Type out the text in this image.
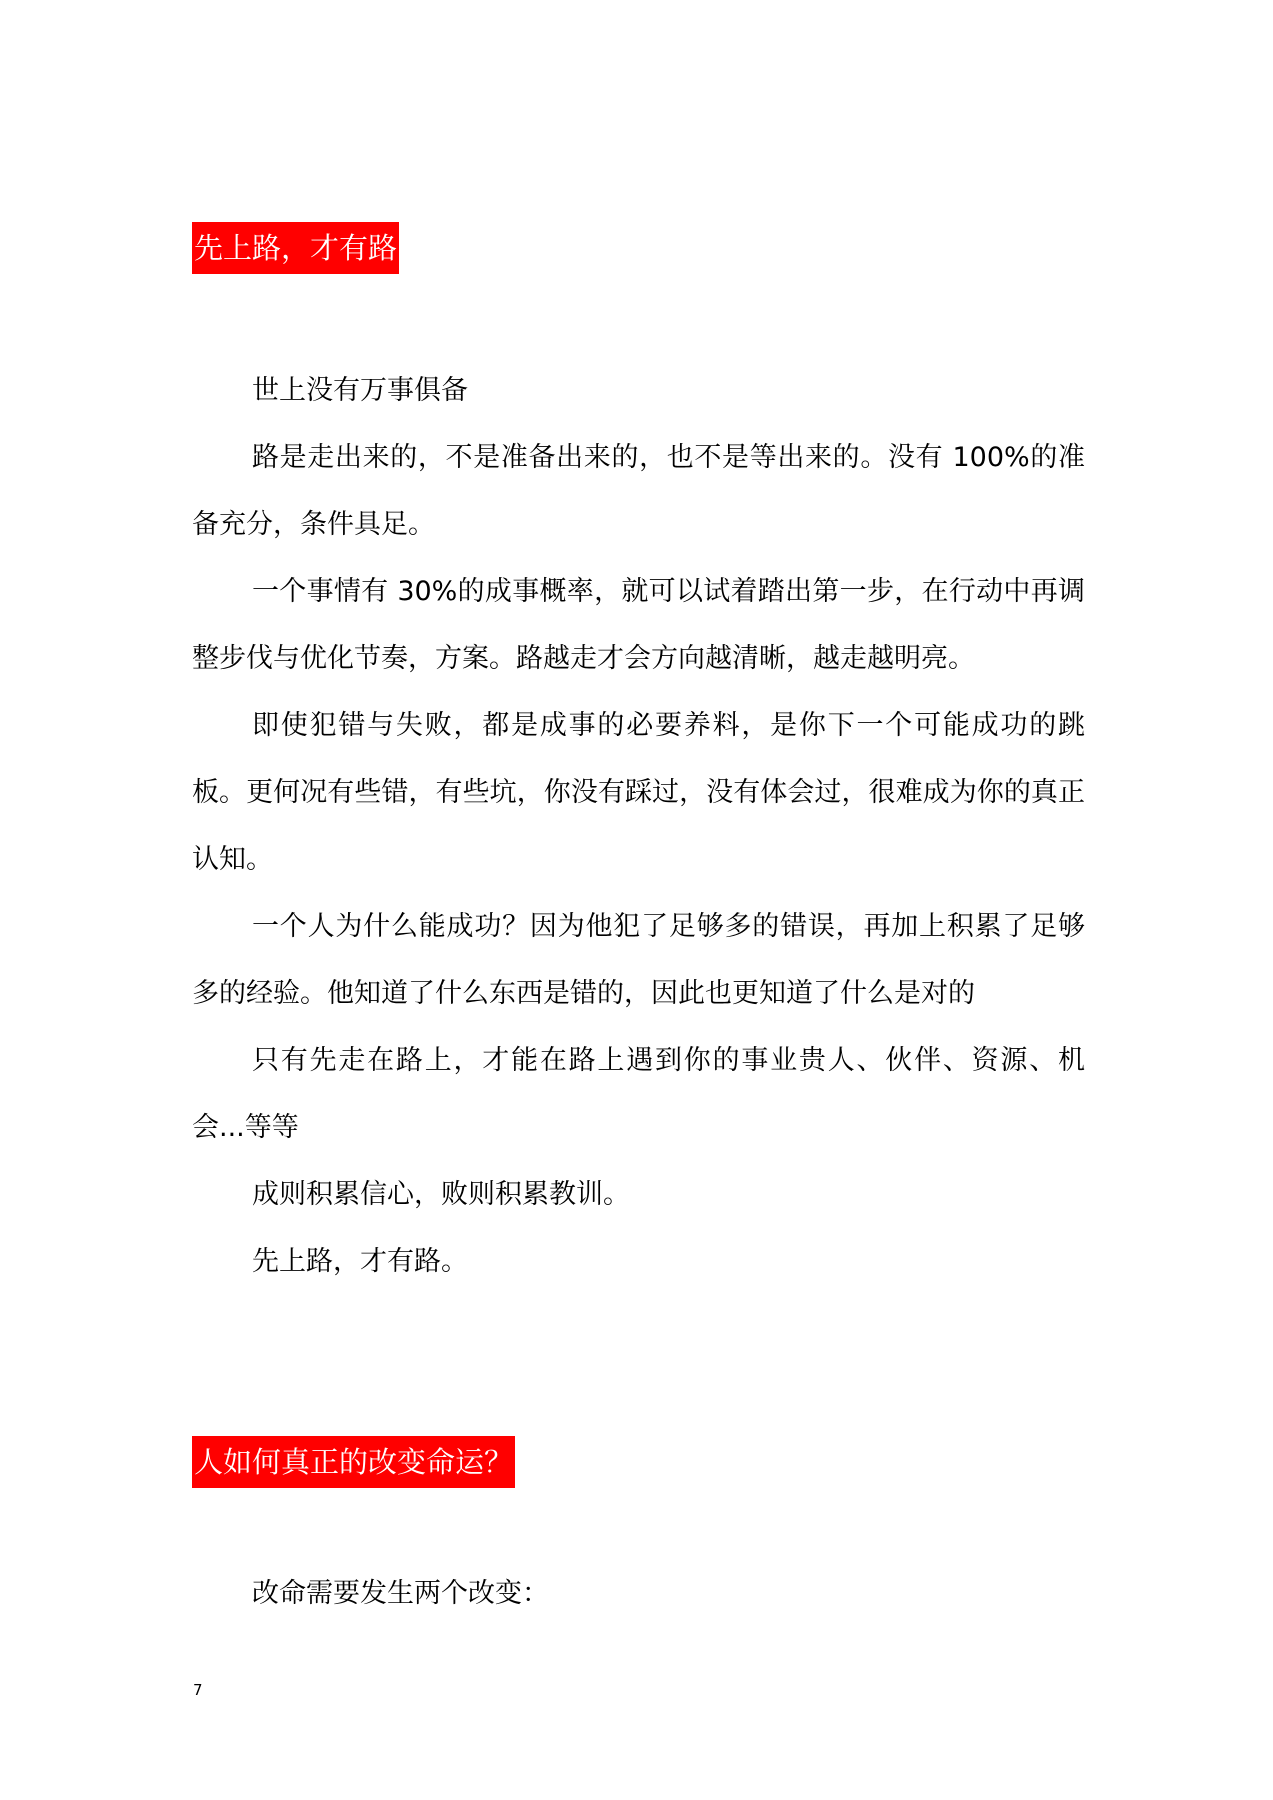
先上路，才有路

世上没有万事俱备

路是走出来的，不是准备出来的，也不是等出来的。没有 100%的准备充分，条件具足。

一个事情有 30%的成事概率，就可以试着踏出第一步，在行动中再调整步伐与优化节奏，方案。路越走才会方向越清晰，越走越明亮。

即使犯错与失败，都是成事的必要养料，是你下一个可能成功的跳板。更何况有些错，有些坑，你没有踩过，没有体会过，很难成为你的真正认知。

一个人为什么能成功？因为他犯了足够多的错误，再加上积累了足够多的经验。他知道了什么东西是错的，因此也更知道了什么是对的

只有先走在路上，才能在路上遇到你的事业贵人、伙伴、资源、机会...等等

成则积累信心，败则积累教训。

先上路，才有路。

人如何真正的改变命运？

改命需要发生两个改变：

7
